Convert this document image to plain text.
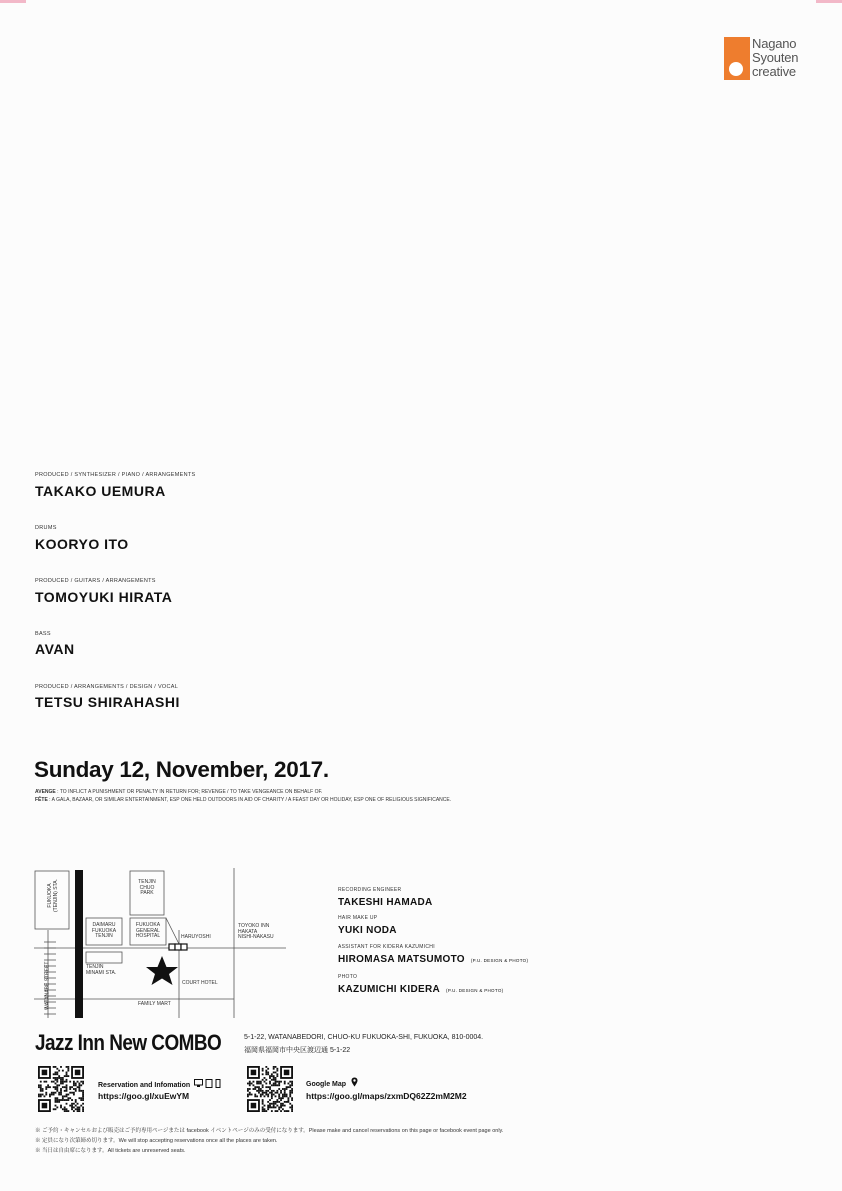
Nagano
Syouten
creative
PRODUCED / SYNTHESIZER / PIANO / ARRANGEMENTS
TAKAKO UEMURA
DRUMS
KOORYO ITO
PRODUCED / GUITARS / ARRANGEMENTS
TOMOYUKI HIRATA
BASS
AVAN
PRODUCED / ARRANGEMENTS / DESIGN / VOCAL
TETSU SHIRAHASHI
Sunday 12, November, 2017.
AVENGE : TO INFLICT A PUNISHMENT OR PENALTY IN RETURN FOR; REVENGE / TO TAKE VENGEANCE ON BEHALF OF.
FÊTE : A GALA, BAZAAR, OR SIMILAR ENTERTAINMENT, ESP ONE HELD OUTDOORS IN AID OF CHARITY / A FEAST DAY OR HOLIDAY, ESP ONE OF RELIGIOUS SIGNIFICANCE.
FUKUOKA
(TENJIN) STA.	TENJIN
CHUO
PARK
DAIMARU
FUKUOKA
TENJIN
FUKUOKA
GENERAL
HOSPITAL	HARUYOSHI
TOYOKO INN
HAKATA
NISHI-NAKASU
TENJIN
MINAMI STA.
COURT HOTEL
FAMILY MART
WATANABE STREET
RECORDING ENGINEER
TAKESHI HAMADA
HAIR MAKE UP
YUKI NODA
ASSISTANT FOR KIDERA KAZUMICHI
HIROMASA MATSUMOTO (P.U. DESIGN & PHOTO)
PHOTO
KAZUMICHI KIDERA (P.U. DESIGN & PHOTO)
Jazz Inn New COMBO	5-1-22, WATANABEDORI, CHUO-KU FUKUOKA-SHI, FUKUOKA, 810-0004.
福岡県福岡市中央区渡辺通 5-1-22
Reservation and Infomation
https://goo.gl/xuEwYM
Google Map
https://goo.gl/maps/zxmDQ62Z2mM2M2
※ ご予約・キャンセルおよび販売はご予約専用ページまたは facebook イベントページのみの受付になります。Please make and cancel reservations on this page or facebook event page only.
※ 定員になり次第締め切ります。We will stop accepting reservations once all the places are taken.
※ 当日は自由席になります。All tickets are unreserved seats.
